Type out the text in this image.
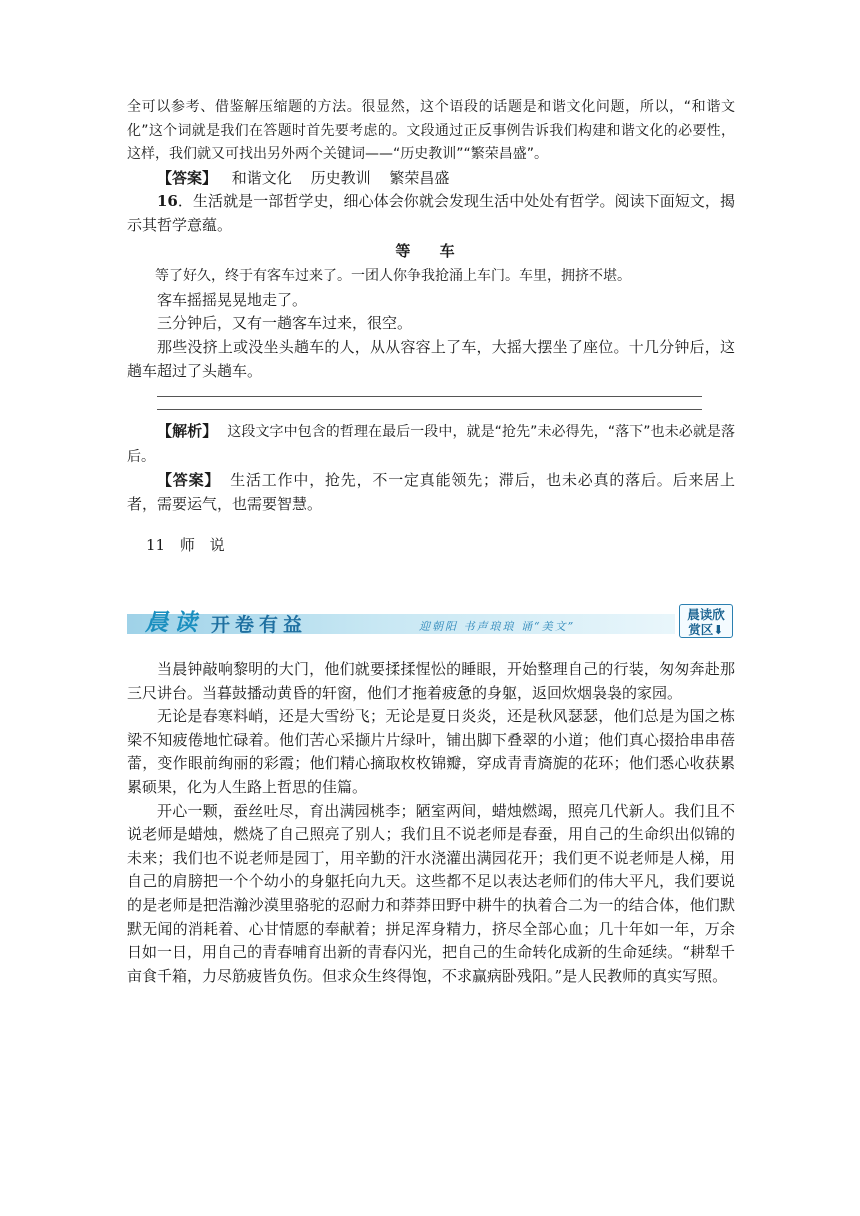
全可以参考、借鉴解压缩题的方法。很显然，这个语段的话题是和谐文化问题，所以，“和谐文化”这个词就是我们在答题时首先要考虑的。文段通过正反事例告诉我们构建和谐文化的必要性，这样，我们就又可找出另外两个关键词——“历史教训”“繁荣昌盛”。

【答案】 和谐文化 历史教训 繁荣昌盛

16．生活就是一部哲学史，细心体会你就会发现生活中处处有哲学。阅读下面短文，揭示其哲学意蕴。

等 车

等了好久，终于有客车过来了。一团人你争我抢涌上车门。车里，拥挤不堪。

客车摇摇晃晃地走了。

三分钟后，又有一趟客车过来，很空。

那些没挤上或没坐头趟车的人，从从容容上了车，大摇大摆坐了座位。十几分钟后，这趟车超过了头趟车。

【解析】 这段文字中包含的哲理在最后一段中，就是“抢先”未必得先，“落下”也未必就是落后。

【答案】 生活工作中，抢先，不一定真能领先；滞后，也未必真的落后。后来居上者，需要运气，也需要智慧。

11 师 说

晨读 开卷有益	迎朝阳 书声琅琅 诵“美文”
晨读欣
赏区⬇

当晨钟敲响黎明的大门，他们就要揉揉惺忪的睡眼，开始整理自己的行装，匆匆奔赴那三尺讲台。当暮鼓播动黄昏的轩窗，他们才拖着疲惫的身躯，返回炊烟袅袅的家园。

无论是春寒料峭，还是大雪纷飞；无论是夏日炎炎，还是秋风瑟瑟，他们总是为国之栋梁不知疲倦地忙碌着。他们苦心采撷片片绿叶，铺出脚下叠翠的小道；他们真心掇拾串串蓓蕾，变作眼前绚丽的彩霞；他们精心摘取枚枚锦瓣，穿成青青旖旎的花环；他们悉心收获累累硕果，化为人生路上哲思的佳篇。

开心一颗，蚕丝吐尽，育出满园桃李；陋室两间，蜡烛燃竭，照亮几代新人。我们且不说老师是蜡烛，燃烧了自己照亮了别人；我们且不说老师是春蚕，用自己的生命织出似锦的未来；我们也不说老师是园丁，用辛勤的汗水浇灌出满园花开；我们更不说老师是人梯，用自己的肩膀把一个个幼小的身躯托向九天。这些都不足以表达老师们的伟大平凡，我们要说的是老师是把浩瀚沙漠里骆驼的忍耐力和莽莽田野中耕牛的执着合二为一的结合体，他们默默无闻的消耗着、心甘情愿的奉献着；拼足浑身精力，挤尽全部心血；几十年如一年，万余日如一日，用自己的青春哺育出新的青春闪光，把自己的生命转化成新的生命延续。“耕犁千亩食千箱，力尽筋疲皆负伤。但求众生终得饱，不求赢病卧残阳。”是人民教师的真实写照。
